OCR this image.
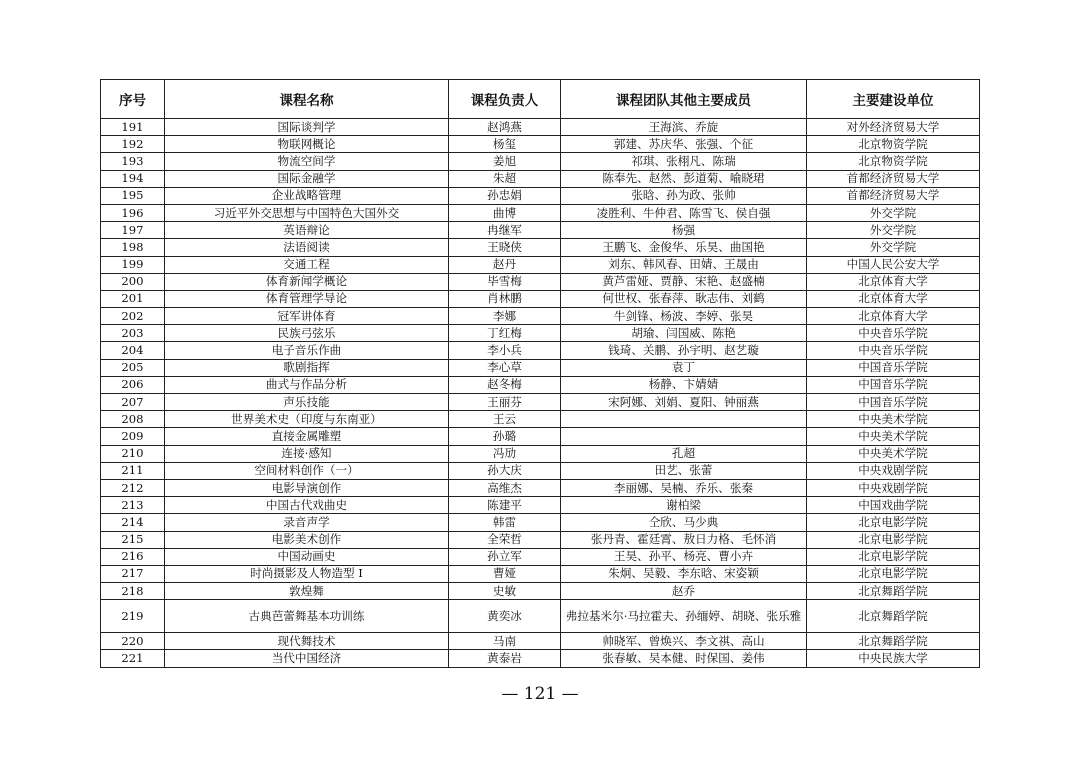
序号	课程名称	课程负责人	课程团队其他主要成员	主要建设单位
191	国际谈判学	赵鸿燕	王海滨、乔旋	对外经济贸易大学
192	物联网概论	杨玺	郭建、苏庆华、张强、个征	北京物资学院
193	物流空间学	姜旭	祁琪、张栩凡、陈瑞	北京物资学院
194	国际金融学	朱超	陈奉先、赵然、彭道菊、喻晓珺	首都经济贸易大学
195	企业战略管理	孙忠娟	张晗、孙为政、张帅	首都经济贸易大学
196	习近平外交思想与中国特色大国外交	曲博	凌胜利、牛仲君、陈雪飞、侯自强	外交学院
197	英语辩论	冉继军	杨强	外交学院
198	法语阅读	王晓侠	王鹏飞、金俊华、乐昊、曲国艳	外交学院
199	交通工程	赵丹	刘东、韩风春、田婧、王晟由	中国人民公安大学
200	体育新闻学概论	毕雪梅	黄芦雷娅、贾静、宋艳、赵盛楠	北京体育大学
201	体育管理学导论	肖林鹏	何世权、张春萍、耿志伟、刘鹤	北京体育大学
202	冠军讲体育	李娜	牛剑锋、杨波、李婷、张昊	北京体育大学
203	民族弓弦乐	丁红梅	胡瑜、闫国威、陈艳	中央音乐学院
204	电子音乐作曲	李小兵	钱琦、关鹏、孙宇明、赵艺璇	中央音乐学院
205	歌剧指挥	李心草	袁丁	中国音乐学院
206	曲式与作品分析	赵冬梅	杨静、卞婧婧	中国音乐学院
207	声乐技能	王丽芬	宋阿娜、刘娟、夏阳、钟丽燕	中国音乐学院
208	世界美术史（印度与东南亚）	王云		中央美术学院
209	直接金属雕塑	孙璐		中央美术学院
210	连接·感知	冯劢	孔超	中央美术学院
211	空间材料创作（一）	孙大庆	田艺、张蕾	中央戏剧学院
212	电影导演创作	高维杰	李丽娜、吴楠、乔乐、张秦	中央戏剧学院
213	中国古代戏曲史	陈建平	谢柏梁	中国戏曲学院
214	录音声学	韩雷	仝欣、马少典	北京电影学院
215	电影美术创作	全荣哲	张丹青、霍廷霄、敖日力格、毛怀消	北京电影学院
216	中国动画史	孙立军	王昊、孙平、杨亮、曹小卉	北京电影学院
217	时尚摄影及人物造型 I	曹娅	朱炯、吴毅、李东晗、宋姿颖	北京电影学院
218	敦煌舞	史敏	赵乔	北京舞蹈学院
219	古典芭蕾舞基本功训练	黄奕冰	弗拉基米尔·马拉霍夫、孙缅婷、胡晓、张乐雅	北京舞蹈学院
220	现代舞技术	马南	帅晓军、曾焕兴、李文祺、高山	北京舞蹈学院
221	当代中国经济	黄泰岩	张春敏、吴本健、时保国、姜伟	中央民族大学
— 121 —
